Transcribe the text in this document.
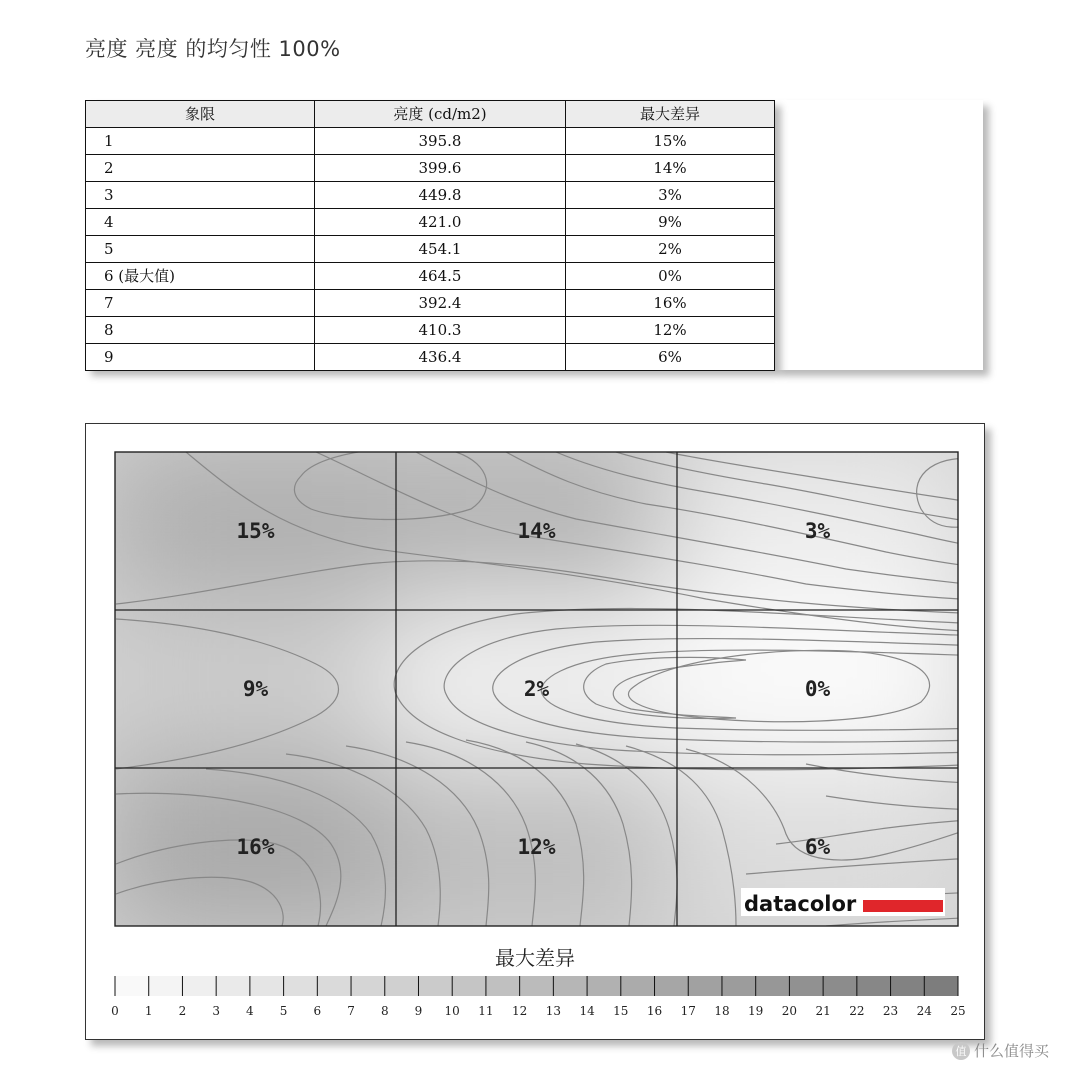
亮度 亮度 的均匀性 100%
象限	亮度 (cd/m2)	最大差异
1	395.8	15%
2	399.6	14%
3	449.8	3%
4	421.0	9%
5	454.1	2%
6 (最大值)	464.5	0%
7	392.4	16%
8	410.3	12%
9	436.4	6%
15%	14%	3%
9%	2%	0%
16%	12%	6%
datacolor
最大差异
0 1 2 3 4 5 6 7 8 9 10 11 12 13 14 15 16 17 18 19 20 21 22 23 24 25
值 什么值得买
